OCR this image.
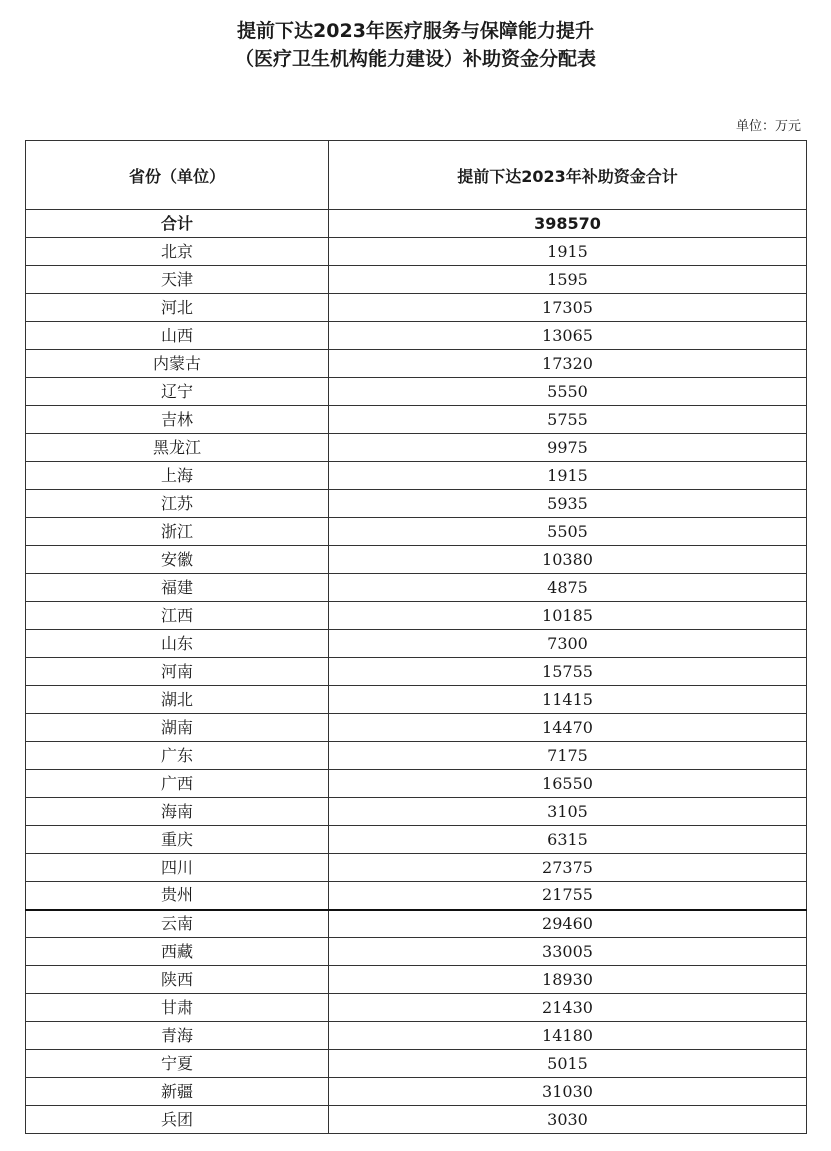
提前下达2023年医疗服务与保障能力提升
（医疗卫生机构能力建设）补助资金分配表
单位：万元
省份（单位）	提前下达2023年补助资金合计
合计	398570
北京	1915
天津	1595
河北	17305
山西	13065
内蒙古	17320
辽宁	5550
吉林	5755
黑龙江	9975
上海	1915
江苏	5935
浙江	5505
安徽	10380
福建	4875
江西	10185
山东	7300
河南	15755
湖北	11415
湖南	14470
广东	7175
广西	16550
海南	3105
重庆	6315
四川	27375
贵州	21755
云南	29460
西藏	33005
陕西	18930
甘肃	21430
青海	14180
宁夏	5015
新疆	31030
兵团	3030
